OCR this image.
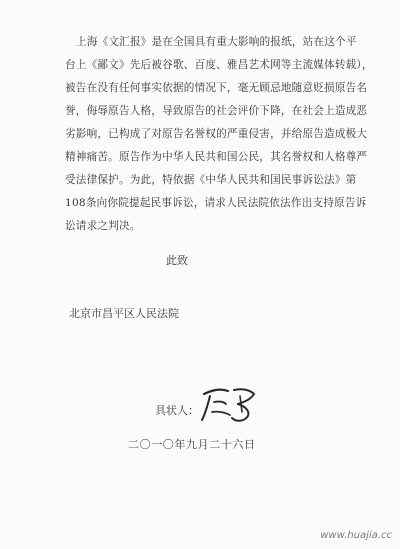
上海《文汇报》是在全国具有重大影响的报纸，站在这个平
台上《鄙文》先后被谷歌、百度、雅昌艺术网等主流媒体转载），
被告在没有任何事实依据的情况下，毫无顾忌地随意贬损原告名
誉，侮辱原告人格，导致原告的社会评价下降，在社会上造成恶
劣影响，已构成了对原告名誉权的严重侵害，并给原告造成极大
精神痛苦。原告作为中华人民共和国公民，其名誉权和人格尊严
受法律保护。为此，特依据《中华人民共和国民事诉讼法》第
108条向你院提起民事诉讼，请求人民法院依法作出支持原告诉
讼请求之判决。
此致
北京市昌平区人民法院
具状人：
二〇一〇年九月二十六日
www.huajia.cc
